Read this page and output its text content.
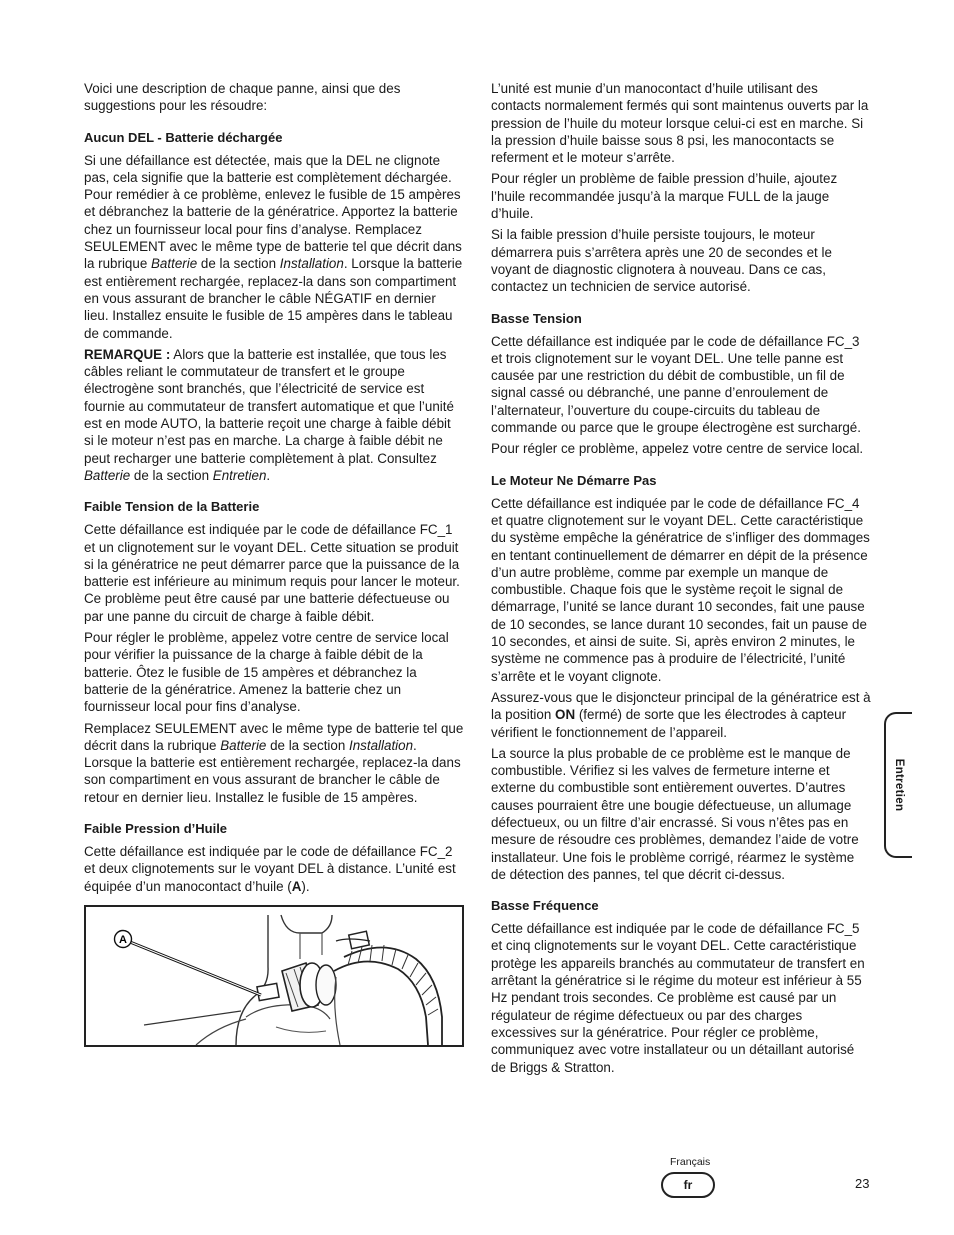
Voici une description de chaque panne, ainsi que des suggestions pour les résoudre:

Aucun DEL - Batterie déchargée

Si une défaillance est détectée, mais que la DEL ne clignote pas, cela signifie que la batterie est complètement déchargée. Pour remédier à ce problème, enlevez le fusible de 15 ampères et débranchez la batterie de la génératrice. Apportez la batterie chez un fournisseur local pour fins d’analyse. Remplacez SEULEMENT avec le même type de batterie tel que décrit dans la rubrique Batterie de la section Installation. Lorsque la batterie est entièrement rechargée, replacez-la dans son compartiment en vous assurant de brancher le câble NÉGATIF en dernier lieu. Installez ensuite le fusible de 15 ampères dans le tableau de commande.

REMARQUE : Alors que la batterie est installée, que tous les câbles reliant le commutateur de transfert et le groupe électrogène sont branchés, que l’électricité de service est fournie au commutateur de transfert automatique et que l’unité est en mode AUTO, la batterie reçoit une charge à faible débit si le moteur n’est pas en marche. La charge à faible débit ne peut recharger une batterie complètement à plat. Consultez Batterie de la section Entretien.

Faible Tension de la Batterie

Cette défaillance est indiquée par le code de défaillance FC_1 et un clignotement sur le voyant DEL. Cette situation se produit si la génératrice ne peut démarrer parce que la puissance de la batterie est inférieure au minimum requis pour lancer le moteur. Ce problème peut être causé par une batterie défectueuse ou par une panne du circuit de charge à faible débit.

Pour régler le problème, appelez votre centre de service local pour vérifier la puissance de la charge à faible débit de la batterie. Ôtez le fusible de 15 ampères et débranchez la batterie de la génératrice. Amenez la batterie chez un fournisseur local pour fins d’analyse.

Remplacez SEULEMENT avec le même type de batterie tel que décrit dans la rubrique Batterie de la section Installation. Lorsque la batterie est entièrement rechargée, replacez-la dans son compartiment en vous assurant de brancher le câble de retour en dernier lieu. Installez le fusible de 15 ampères.

Faible Pression d’Huile

Cette défaillance est indiquée par le code de défaillance FC_2 et deux clignotements sur le voyant DEL à distance. L’unité est équipée d’un manocontact d’huile (A).

A

L’unité est munie d’un manocontact d’huile utilisant des contacts normalement fermés qui sont maintenus ouverts par la pression de l’huile du moteur lorsque celui-ci est en marche. Si la pression d’huile baisse sous 8 psi, les manocontacts se referment et le moteur s’arrête.

Pour régler un problème de faible pression d’huile, ajoutez l’huile recommandée jusqu’à la marque FULL de la jauge d’huile.

Si la faible pression d’huile persiste toujours, le moteur démarrera puis s’arrêtera après une 20 de secondes et le voyant de diagnostic clignotera à nouveau. Dans ce cas, contactez un technicien de service autorisé.

Basse Tension

Cette défaillance est indiquée par le code de défaillance FC_3 et trois clignotement sur le voyant DEL. Une telle panne est causée par une restriction du débit de combustible, un fil de signal cassé ou débranché, une panne d’enroulement de l’alternateur, l’ouverture du coupe-circuits du tableau de commande ou parce que le groupe électrogène est surchargé.

Pour régler ce problème, appelez votre centre de service local.

Le Moteur Ne Démarre Pas

Cette défaillance est indiquée par le code de défaillance FC_4 et quatre clignotement sur le voyant DEL. Cette caractéristique du système empêche la génératrice de s’infliger des dommages en tentant continuellement de démarrer en dépit de la présence d’un autre problème, comme par exemple un manque de combustible. Chaque fois que le système reçoit le signal de démarrage, l’unité se lance durant 10 secondes, fait une pause de 10 secondes, se lance durant 10 secondes, fait un pause de 10 secondes, et ainsi de suite. Si, après environ 2 minutes, le système ne commence pas à produire de l’électricité, l’unité s’arrête et le voyant clignote.

Assurez-vous que le disjoncteur principal de la génératrice est à la position ON (fermé) de sorte que les électrodes à capteur vérifient le fonctionnement de l’appareil.

La source la plus probable de ce problème est le manque de combustible. Vérifiez si les valves de fermeture interne et externe du combustible sont entièrement ouvertes. D’autres causes pourraient être une bougie défectueuse, un allumage défectueux, ou un filtre d’air encrassé. Si vous n’êtes pas en mesure de résoudre ces problèmes, demandez l’aide de votre installateur. Une fois le problème corrigé, réarmez le système de détection des pannes, tel que décrit ci-dessus.

Basse Fréquence

Cette défaillance est indiquée par le code de défaillance FC_5 et cinq clignotements sur le voyant DEL. Cette caractéristique protège les appareils branchés au commutateur de transfert en arrêtant la génératrice si le régime du moteur est inférieur à 55 Hz pendant trois secondes. Ce problème est causé par un régulateur de régime défectueux ou par des charges excessives sur la génératrice. Pour régler ce problème, communiquez avec votre installateur ou un détaillant autorisé de Briggs & Stratton.

Entretien
Français
fr	23
